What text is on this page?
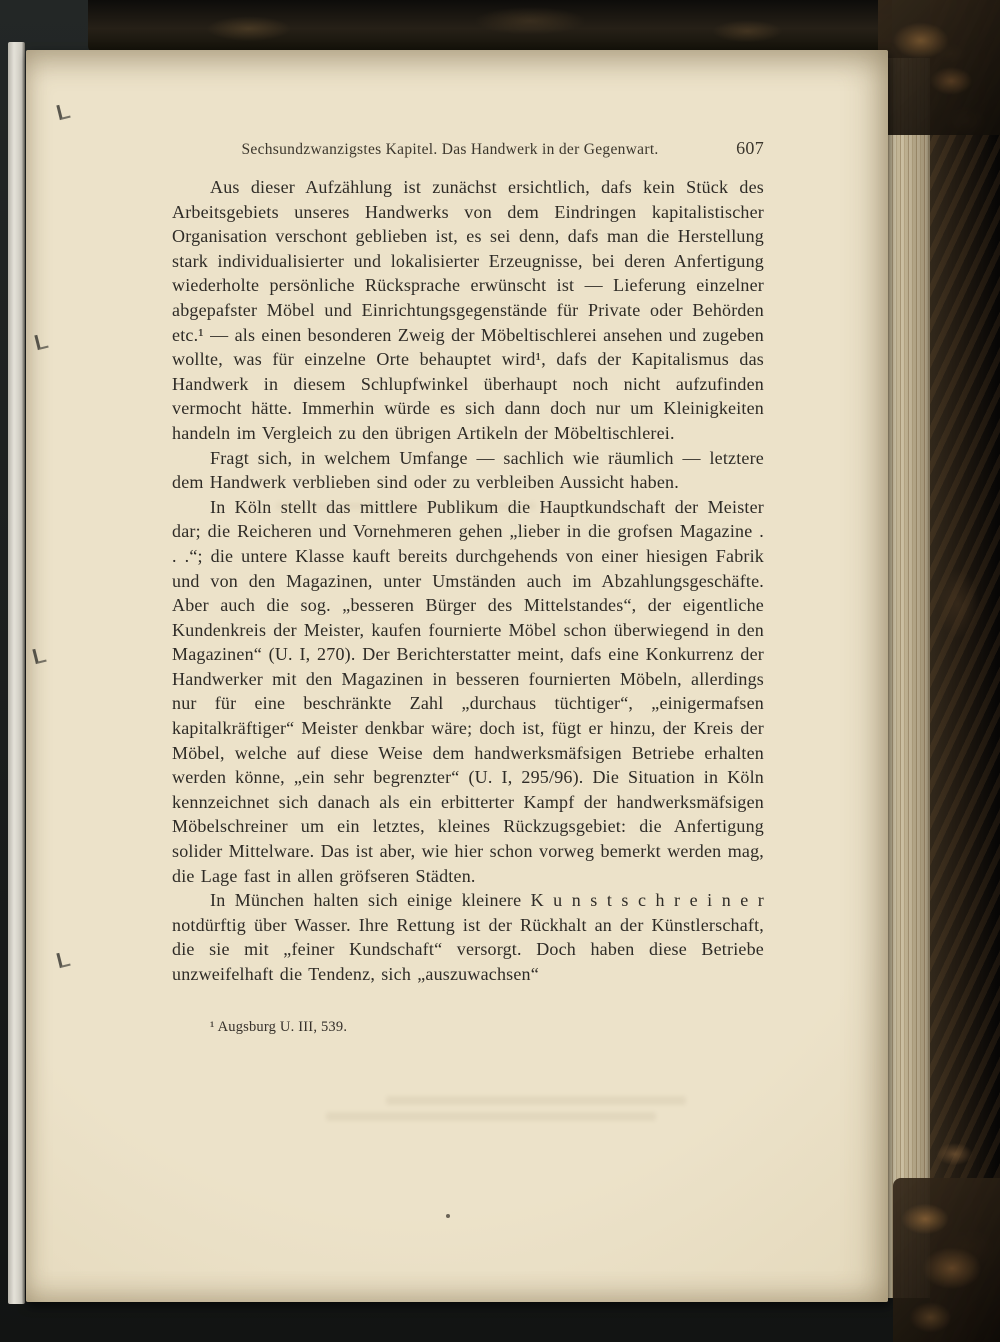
Sechsundzwanzigstes Kapitel. Das Handwerk in der Gegenwart.	607

Aus dieser Aufzählung ist zunächst ersichtlich, dafs kein Stück des Arbeitsgebiets unseres Handwerks von dem Eindringen kapitalistischer Organisation verschont geblieben ist, es sei denn, dafs man die Herstellung stark individualisierter und lokalisierter Erzeugnisse, bei deren Anfertigung wiederholte persönliche Rücksprache erwünscht ist — Lieferung einzelner abgepafster Möbel und Einrichtungsgegenstände für Private oder Behörden etc.¹ — als einen besonderen Zweig der Möbeltischlerei ansehen und zugeben wollte, was für einzelne Orte behauptet wird¹, dafs der Kapitalismus das Handwerk in diesem Schlupfwinkel überhaupt noch nicht aufzufinden vermocht hätte. Immerhin würde es sich dann doch nur um Kleinigkeiten handeln im Vergleich zu den übrigen Artikeln der Möbeltischlerei.

Fragt sich, in welchem Umfange — sachlich wie räumlich — letztere dem Handwerk verblieben sind oder zu verbleiben Aussicht haben.

In Köln stellt das mittlere Publikum die Hauptkundschaft der Meister dar; die Reicheren und Vornehmeren gehen „lieber in die grofsen Magazine . . .“; die untere Klasse kauft bereits durchgehends von einer hiesigen Fabrik und von den Magazinen, unter Umständen auch im Abzahlungsgeschäfte. Aber auch die sog. „besseren Bürger des Mittelstandes“, der eigentliche Kundenkreis der Meister, kaufen fournierte Möbel schon überwiegend in den Magazinen“ (U. I, 270). Der Berichterstatter meint, dafs eine Konkurrenz der Handwerker mit den Magazinen in besseren fournierten Möbeln, allerdings nur für eine beschränkte Zahl „durchaus tüchtiger“, „einigermafsen kapitalkräftiger“ Meister denkbar wäre; doch ist, fügt er hinzu, der Kreis der Möbel, welche auf diese Weise dem handwerksmäfsigen Betriebe erhalten werden könne, „ein sehr begrenzter“ (U. I, 295/96). Die Situation in Köln kennzeichnet sich danach als ein erbitterter Kampf der handwerksmäfsigen Möbelschreiner um ein letztes, kleines Rückzugsgebiet: die Anfertigung solider Mittelware. Das ist aber, wie hier schon vorweg bemerkt werden mag, die Lage fast in allen gröfseren Städten.

In München halten sich einige kleinere K u n s t s c h r e i n e r notdürftig über Wasser. Ihre Rettung ist der Rückhalt an der Künstlerschaft, die sie mit „feiner Kundschaft“ versorgt. Doch haben diese Betriebe unzweifelhaft die Tendenz, sich „auszuwachsen“

¹ Augsburg U. III, 539.
